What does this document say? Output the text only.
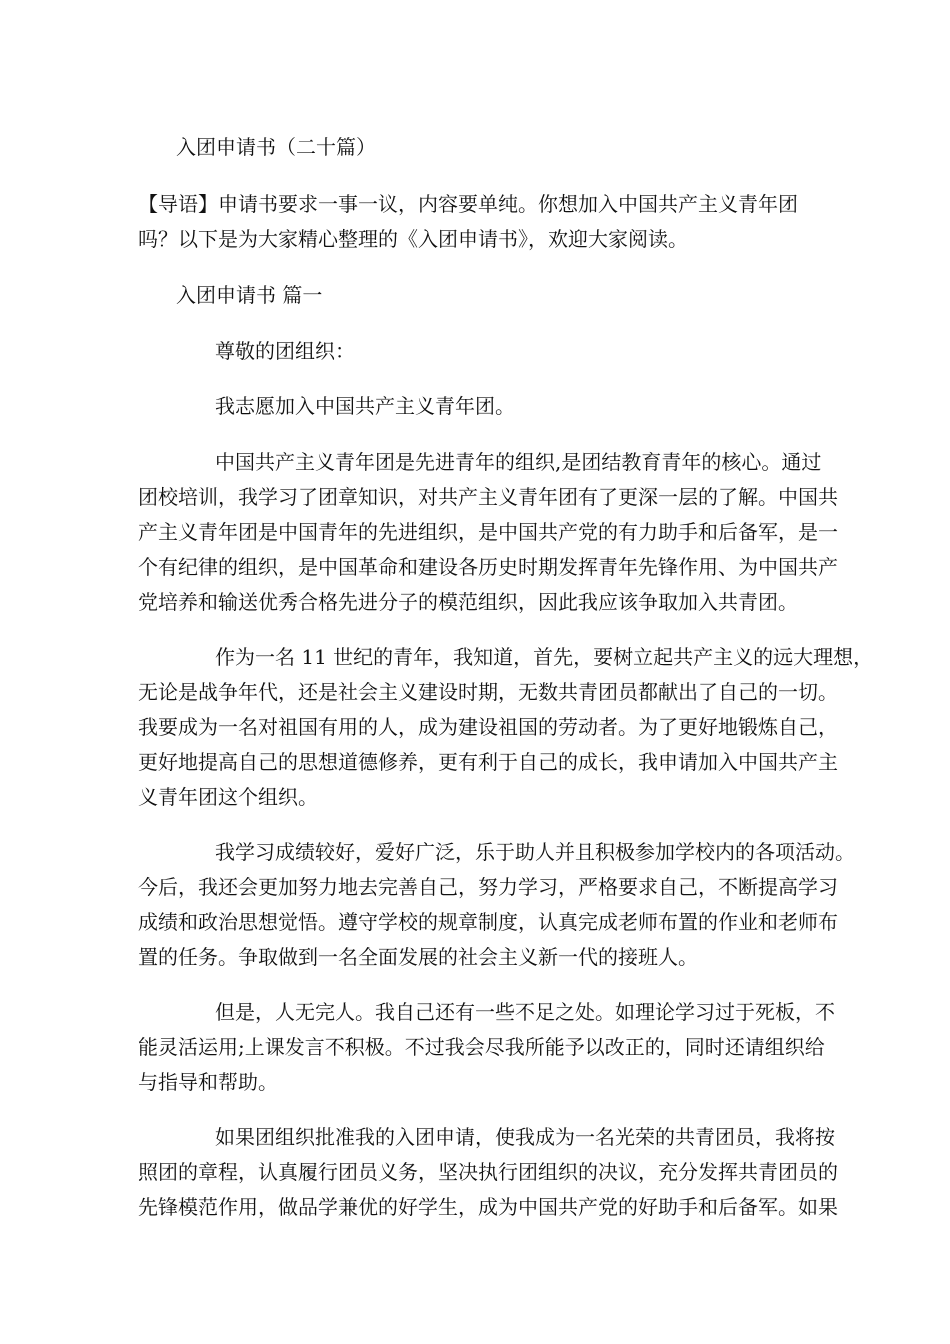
入团申请书（二十篇）

【导语】申请书要求一事一议，内容要单纯。你想加入中国共产主义青年团

吗？以下是为大家精心整理的《入团申请书》，欢迎大家阅读。

入团申请书 篇一

尊敬的团组织：

我志愿加入中国共产主义青年团。

中国共产主义青年团是先进青年的组织,是团结教育青年的核心。通过

团校培训，我学习了团章知识，对共产主义青年团有了更深一层的了解。中国共

产主义青年团是中国青年的先进组织，是中国共产党的有力助手和后备军，是一

个有纪律的组织，是中国革命和建设各历史时期发挥青年先锋作用、为中国共产

党培养和输送优秀合格先进分子的模范组织，因此我应该争取加入共青团。

作为一名 11 世纪的青年，我知道，首先，要树立起共产主义的远大理想，

无论是战争年代，还是社会主义建设时期，无数共青团员都献出了自己的一切。

我要成为一名对祖国有用的人，成为建设祖国的劳动者。为了更好地锻炼自己，

更好地提高自己的思想道德修养，更有利于自己的成长，我申请加入中国共产主

义青年团这个组织。

我学习成绩较好，爱好广泛，乐于助人并且积极参加学校内的各项活动。

今后，我还会更加努力地去完善自己，努力学习，严格要求自己，不断提高学习

成绩和政治思想觉悟。遵守学校的规章制度，认真完成老师布置的作业和老师布

置的任务。争取做到一名全面发展的社会主义新一代的接班人。

但是，人无完人。我自己还有一些不足之处。如理论学习过于死板，不

能灵活运用;上课发言不积极。不过我会尽我所能予以改正的，同时还请组织给

与指导和帮助。

如果团组织批准我的入团申请，使我成为一名光荣的共青团员，我将按

照团的章程，认真履行团员义务，坚决执行团组织的决议，充分发挥共青团员的

先锋模范作用，做品学兼优的好学生，成为中国共产党的好助手和后备军。如果
